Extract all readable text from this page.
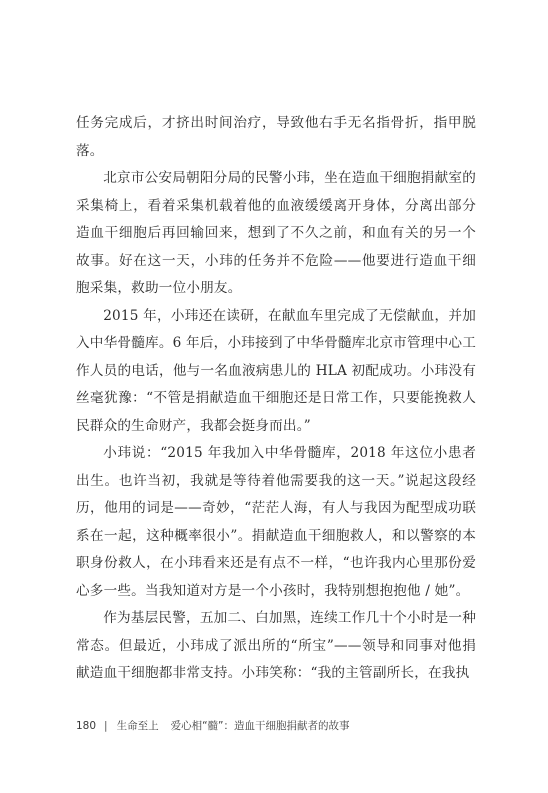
任务完成后，才挤出时间治疗，导致他右手无名指骨折，指甲脱落。

北京市公安局朝阳分局的民警小玮，坐在造血干细胞捐献室的采集椅上，看着采集机载着他的血液缓缓离开身体，分离出部分造血干细胞后再回输回来，想到了不久之前，和血有关的另一个故事。好在这一天，小玮的任务并不危险——他要进行造血干细胞采集，救助一位小朋友。

2015 年，小玮还在读研，在献血车里完成了无偿献血，并加入中华骨髓库。6 年后，小玮接到了中华骨髓库北京市管理中心工作人员的电话，他与一名血液病患儿的 HLA 初配成功。小玮没有丝毫犹豫：“不管是捐献造血干细胞还是日常工作，只要能挽救人民群众的生命财产，我都会挺身而出。”

小玮说：“2015 年我加入中华骨髓库，2018 年这位小患者出生。也许当初，我就是等待着他需要我的这一天。”说起这段经历，他用的词是——奇妙，“茫茫人海，有人与我因为配型成功联系在一起，这种概率很小”。捐献造血干细胞救人，和以警察的本职身份救人，在小玮看来还是有点不一样，“也许我内心里那份爱心多一些。当我知道对方是一个小孩时，我特别想抱抱他 / 她”。

作为基层民警，五加二、白加黑，连续工作几十个小时是一种常态。但最近，小玮成了派出所的“所宝”——领导和同事对他捐献造血干细胞都非常支持。小玮笑称：“我的主管副所长，在我执

180 | 生命至上 爱心相“髓”：造血干细胞捐献者的故事
